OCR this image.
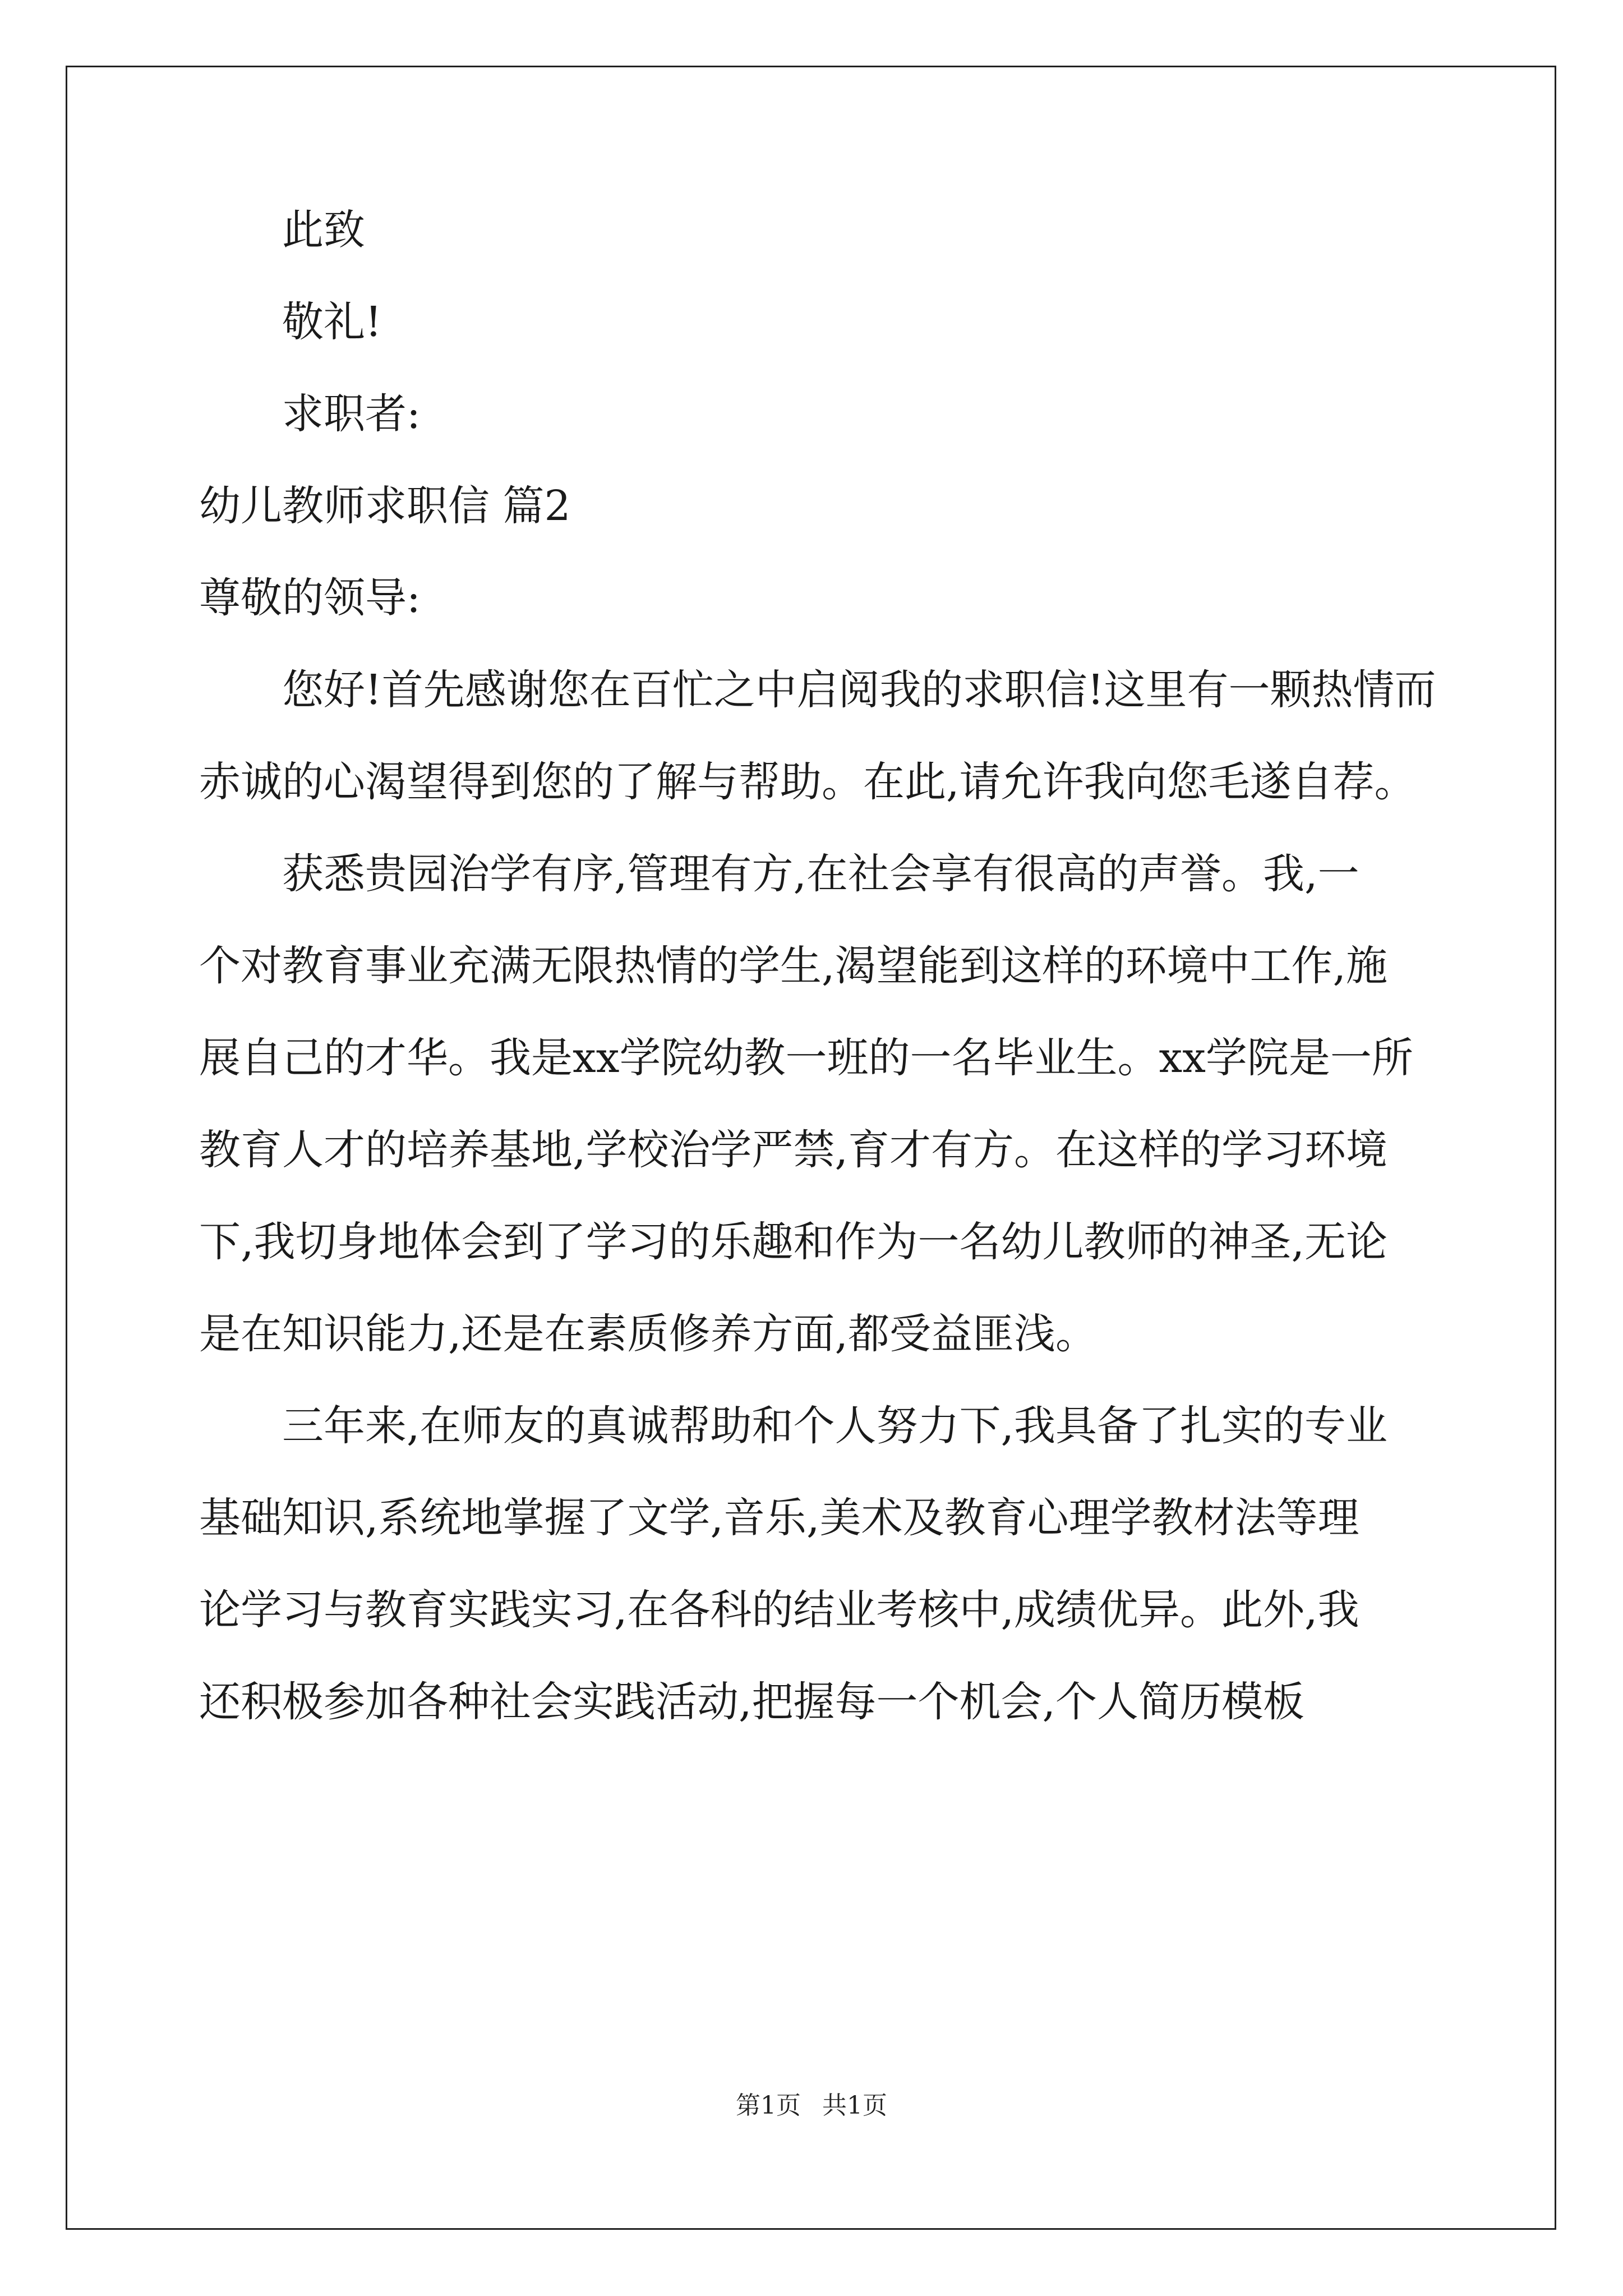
此致
敬礼!
求职者:
幼儿教师求职信 篇2
尊敬的领导:
您好!首先感谢您在百忙之中启阅我的求职信!这里有一颗热情而
赤诚的心渴望得到您的了解与帮助。在此,请允许我向您毛遂自荐。
获悉贵园治学有序,管理有方,在社会享有很高的声誉。我,一
个对教育事业充满无限热情的学生,渴望能到这样的环境中工作,施
展自己的才华。我是xx学院幼教一班的一名毕业生。xx学院是一所
教育人才的培养基地,学校治学严禁,育才有方。在这样的学习环境
下,我切身地体会到了学习的乐趣和作为一名幼儿教师的神圣,无论
是在知识能力,还是在素质修养方面,都受益匪浅。
三年来,在师友的真诚帮助和个人努力下,我具备了扎实的专业
基础知识,系统地掌握了文学,音乐,美术及教育心理学教材法等理
论学习与教育实践实习,在各科的结业考核中,成绩优异。此外,我
还积极参加各种社会实践活动,把握每一个机会,个人简历模板
第1页 共1页
